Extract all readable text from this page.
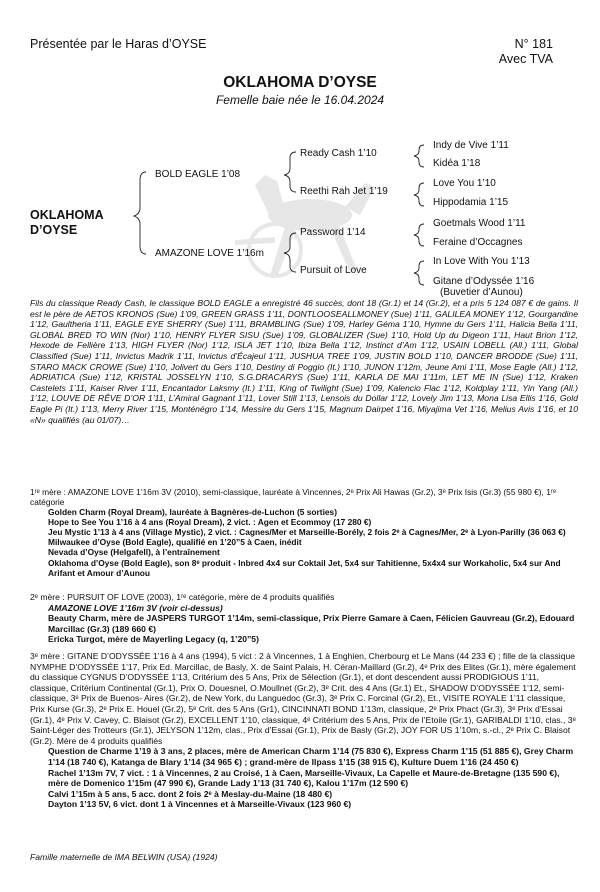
Présentée par le Haras d’OYSE	N° 181
Avec TVA
OKLAHOMA D’OYSE
Femelle baie née le 16.04.2024
OKLAHOMA
D’OYSE
BOLD EAGLE 1’08
AMAZONE LOVE 1’16m
Ready Cash 1’10
Reethi Rah Jet 1’19
Password 1’14
Pursuit of Love
Indy de Vive 1’11
Kidéa 1’18
Love You 1’10
Hippodamia 1’15
Goetmals Wood 1’11
Feraine d’Occagnes
In Love With You 1’13
Gitane d’Odyssée 1’16
(Buvetier d’Aunou)

Fils du classique Ready Cash, le classique BOLD EAGLE a enregistré 46 succès, dont 18 (Gr.1) et 14 (Gr.2), et a pris 5 124 087 € de gains. Il est le père de AETOS KRONOS (Sue) 1’09, GREEN GRASS 1’11, DONTLOOSEALLMONEY (Sue) 1’11, GALILEA MONEY 1’12, Gourgandine 1’12, Gaultheria 1’11, EAGLE EYE SHERRY (Sue) 1’11, BRAMBLING (Sue) 1’09, Harley Géma 1’10, Hymne du Gers 1’11, Halicia Bella 1’11, GLOBAL BRED TO WIN (Nor) 1’10, HENRY FLYER SISU (Sue) 1’09, GLOBALIZER (Sue) 1’10, Hold Up du Digeon 1’11, Haut Brion 1’12, Hexode de Fellière 1’13, HIGH FLYER (Nor) 1’12, ISLA JET 1’10, Ibiza Bella 1’12, Instinct d’Am 1’12, USAIN LOBELL (All.) 1’11, Global Classified (Sue) 1’11, Invictus Madrik 1’11, Invictus d’Écajeul 1’11, JUSHUA TREE 1’09, JUSTIN BOLD 1’10, DANCER BRODDE (Sue) 1’11, STARO MACK CROWE (Sue) 1’10, Jolivert du Gers 1’10, Destiny di Poggio (It.) 1’10, JUNON 1’12m, Jeune Ami 1’11, Mose Eagle (All.) 1’12, ADRIATICA (Sue) 1’12, KRISTAL JOSSELYN 1’10, S.G.DRACARYS (Sue) 1’11, KARLA DE MAI 1’11m, LET ME IN (Sue) 1’12, Kraken Castelets 1’11, Kaiser River 1’11, Encantador Laksmy (It.) 1’11, King of Twilight (Sue) 1’09, Kalencio Flac 1’12, Koldplay 1’11, Yin Yang (All.) 1’12, LOUVE DE RÊVE D’OR 1’11, L’Amiral Gagnant 1’11, Lover Still 1’13, Lensois du Dollar 1’12, Lovely Jim 1’13, Mona Lisa Ellis 1’16, Gold Eagle Pi (It.) 1’13, Merry River 1’15, Monténégro 1’14, Messire du Gers 1’15, Magnum Dairpet 1’16, Miyajima Vet 1’16, Melius Avis 1’16, et 10 «N» qualifiés (au 01/07)…

1ʳᵉ mère : AMAZONE LOVE 1’16m 3V (2010), semi-classique, lauréate à Vincennes, 2ᵉ Prix Ali Hawas (Gr.2), 3ᵉ Prix Isis (Gr.3) (55 980 €), 1ʳᵉ catégorie

Golden Charm (Royal Dream), lauréate à Bagnères-de-Luchon (5 sorties)

Hope to See You 1’16 à 4 ans (Royal Dream), 2 vict. : Agen et Ecommoy (17 280 €)

Jeu Mystic 1’13 à 4 ans (Village Mystic), 2 vict. : Cagnes/Mer et Marseille-Borély, 2 fois 2ᵉ à Cagnes/Mer, 2ᵉ à Lyon-Parilly (36 063 €)

Milwaukee d’Oyse (Bold Eagle), qualifié en 1’20”5 à Caen, inédit

Nevada d’Oyse (Helgafell), à l’entraînement

Oklahoma d’Oyse (Bold Eagle), son 8ᵉ produit - Inbred 4x4 sur Coktail Jet, 5x4 sur Tahitienne, 5x4x4 sur Workaholic, 5x4 sur And Arifant et Amour d’Aunou

2ᵉ mère : PURSUIT OF LOVE (2003), 1ʳᵉ catégorie, mère de 4 produits qualifiés

AMAZONE LOVE 1’16m 3V (voir ci-dessus)

Beauty Charm, mère de JASPERS TURGOT 1’14m, semi-classique, Prix Pierre Gamare à Caen, Félicien Gauvreau (Gr.2), Edouard Marcillac (Gr.3) (189 660 €)

Ericka Turgot, mère de Mayerling Legacy (q, 1’20”5)

3ᵉ mère : GITANE D’ODYSSÉE 1’16 à 4 ans (1994), 5 vict : 2 à Vincennes, 1 à Enghien, Cherbourg et Le Mans (44 233 €) ; fille de la classique NYMPHE D’ODYSSÉE 1’17, Prix Ed. Marcillac, de Basly, X. de Saint Palais, H. Céran-Maillard (Gr.2), 4ᵉ Prix des Elites (Gr.1), mère également du classique CYGNUS D’ODYSSÉE 1’13, Critérium des 5 Ans, Prix de Sélection (Gr.1), et dont descendent aussi PRODIGIOUS 1’11, classique, Critérium Continental (Gr.1), Prix O. Douesnel, O.Moullnet (Gr.2), 3ᵉ Crit. des 4 Ans (Gr.1) Et., SHADOW D’ODYSSÉE 1’12, semi-classique, 3ᵉ Prix de Buenos- Aires (Gr.2), de New York, du Languedoc (Gr.3), 3ᵉ Prix C. Forcinal (Gr.2), Et., VISITE ROYALE 1’11 classique, Prix Kurse (Gr.3), 2ᵉ Prix E. Houel (Gr.2), 5ᵉ Crit. des 5 Ans (Gr1), CINCINNATI BOND 1’13m, classique, 2ᵉ Prix Phact (Gr.3), 3ᵉ Prix d’Essai (Gr.1), 4ᵉ Prix V. Cavey, C. Blaisot (Gr.2), EXCELLENT 1’10, classique, 4ᵉ Critérium des 5 Ans, Prix de l’Etoile (Gr.1), GARIBALDI 1’10, clas., 3ᵉ Saint-Léger des Trotteurs (Gr.1), JELYSON 1’12m, clas., Prix d’Essai (Gr.1), Prix de Basly (Gr.2), JOY FOR US 1’10m, s.-cl., 2ᵉ Prix C. Blaisot (Gr.2). Mère de 4 produits qualifiés

Question de Charme 1’19 à 3 ans, 2 places, mère de American Charm 1’14 (75 830 €), Express Charm 1’15 (51 885 €), Grey Charm 1’14 (18 740 €), Katanga de Blary 1’14 (34 965 €) ; grand-mère de Ilpass 1’15 (38 915 €), Kulture Duem 1’16 (24 450 €)

Rachel 1’13m 7V, 7 vict. : 1 à Vincennes, 2 au Croisé, 1 à Caen, Marseille-Vivaux, La Capelle et Maure-de-Bretagne (135 590 €), mère de Domenico 1’15m (47 990 €), Grande Lady 1’13 (31 740 €), Kalou 1’17m (12 590 €)

Calvi 1’15m à 5 ans, 5 acc. dont 2 fois 2ᵉ à Meslay-du-Maine (18 480 €)

Dayton 1’13 5V, 6 vict. dont 1 à Vincennes et à Marseille-Vivaux (123 960 €)

Famille maternelle de IMA BELWIN (USA) (1924)
